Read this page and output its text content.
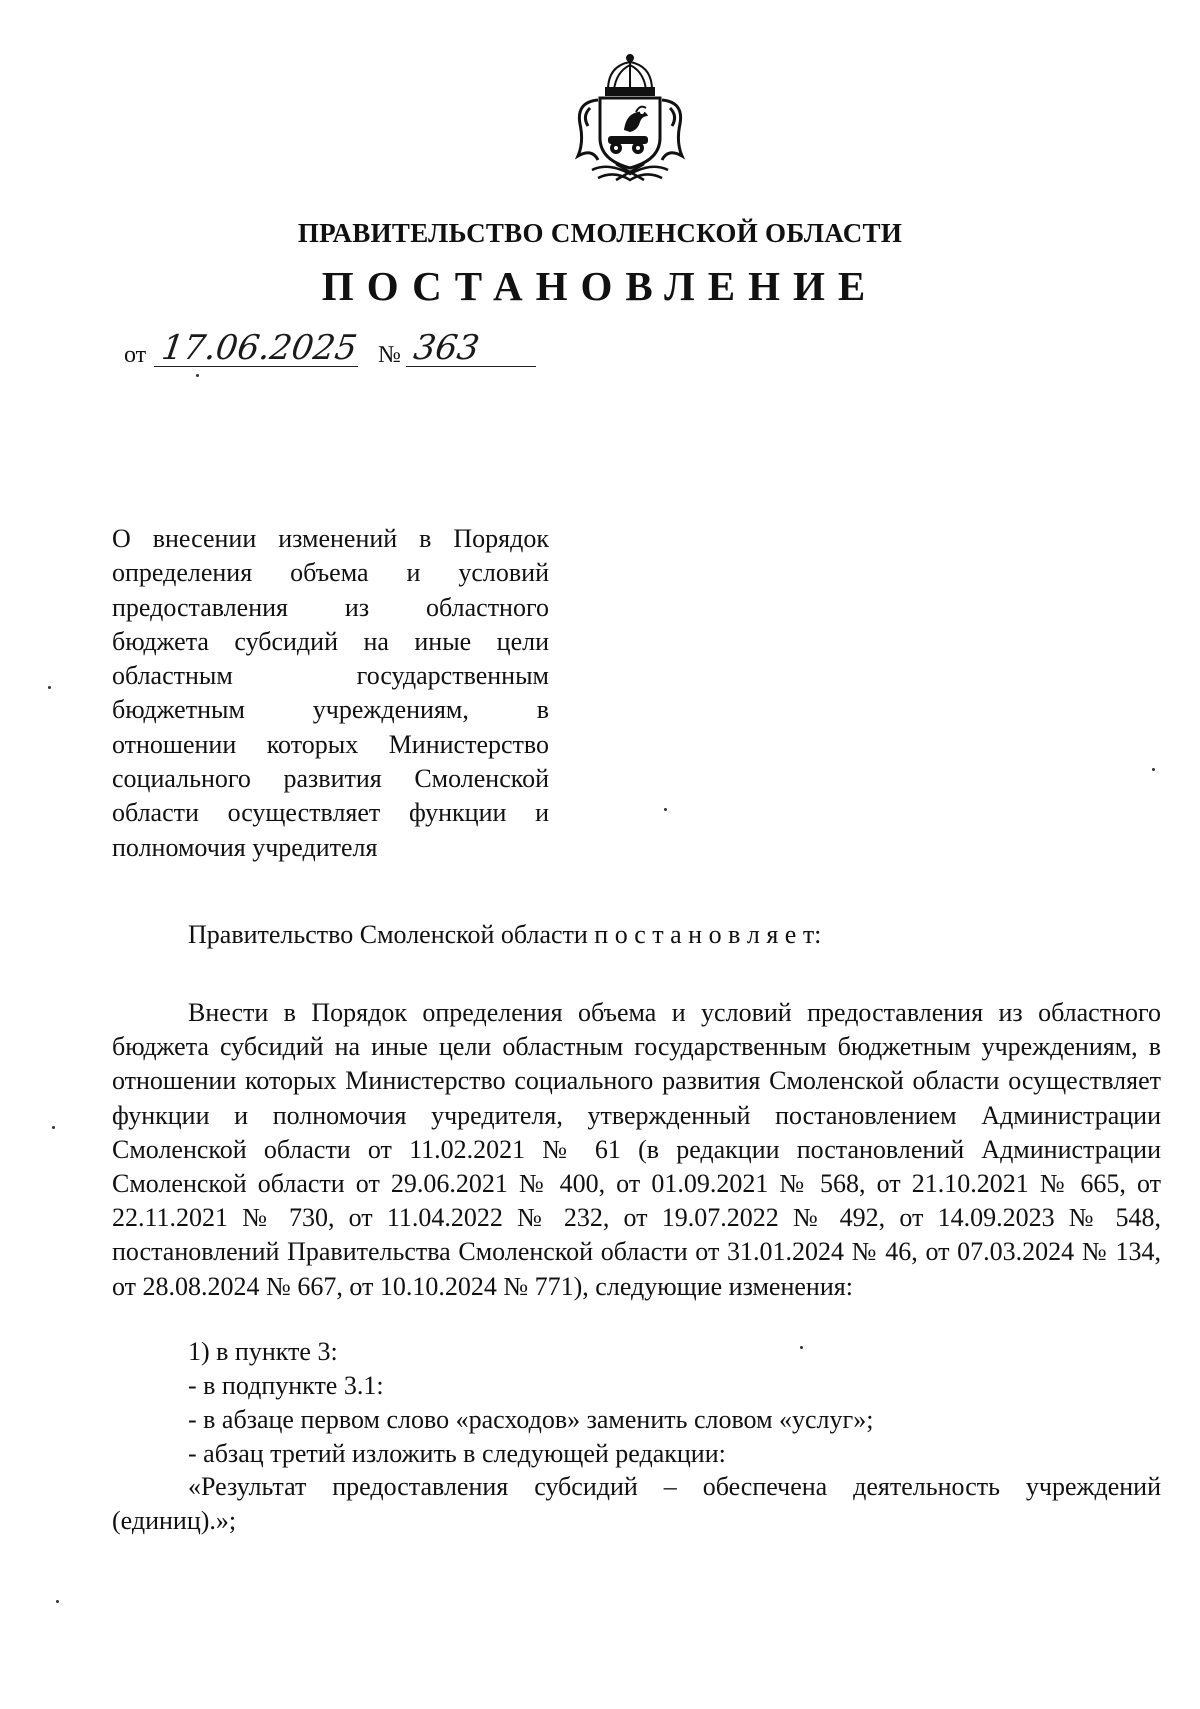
ПРАВИТЕЛЬСТВО СМОЛЕНСКОЙ ОБЛАСТИ
ПОСТАНОВЛЕНИЕ
от 17.06.2025 № 363
О внесении изменений в Порядок определения объема и условий предоставления из областного бюджета субсидий на иные цели областным государственным бюджетным учреждениям, в отношении которых Министерство социального развития Смоленской области осуществляет функции и полномочия учредителя
Правительство Смоленской области п о с т а н о в л я е т:
Внести в Порядок определения объема и условий предоставления из областного бюджета субсидий на иные цели областным государственным бюджетным учреждениям, в отношении которых Министерство социального развития Смоленской области осуществляет функции и полномочия учредителя, утвержденный постановлением Администрации Смоленской области от 11.02.2021 № 61 (в редакции постановлений Администрации Смоленской области от 29.06.2021 № 400, от 01.09.2021 № 568, от 21.10.2021 № 665, от 22.11.2021 № 730, от 11.04.2022 № 232, от 19.07.2022 № 492, от 14.09.2023 № 548, постановлений Правительства Смоленской области от 31.01.2024 № 46, от 07.03.2024 № 134, от 28.08.2024 № 667, от 10.10.2024 № 771), следующие изменения:
1) в пункте 3:
- в подпункте 3.1:
- в абзаце первом слово «расходов» заменить словом «услуг»;
- абзац третий изложить в следующей редакции:
«Результат предоставления субсидий – обеспечена деятельность учреждений (единиц).»;
